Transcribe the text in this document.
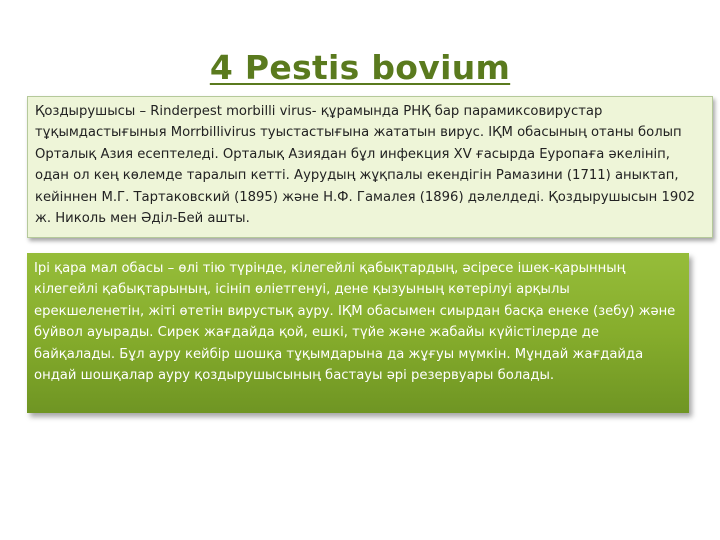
4 Pestis bovium
Қоздырушысы – Rinderpest morbilli virus- құрамында РНҚ бар парамиксовирустар тұқымдастығыныя Morrbillivirus туыстастығына жататын вирус. ІҚМ обасының отаны болып Орталық Азия есептеледі. Орталық Азиядан бұл инфекция XV ғасырда Еуропаға әкелініп, одан ол кең көлемде таралып кетті. Аурудың жұқпалы екендігін Рамазини (1711) аныктап, кейіннен М.Г. Тартаковский (1895) және Н.Ф. Гамалея (1896) дәлелдеді. Қоздырушысын 1902 ж. Николь мен Әділ-Бей ашты.
Ірі қара мал обасы – өлі тію түрінде, кілегейлі қабықтардың, әсіресе ішек-қарынның кілегейлі қабықтарының, ісініп өліетгенуі, дене қызуының көтерілуі арқылы ерекшеленетін, жіті өтетін вирустық ауру. ІҚМ обасымен сиырдан басқа енеке (зебу) және буйвол ауырады. Сирек жағдайда қой, ешкі, түйе және жабайы күйістілерде де байқалады. Бұл ауру кейбір шошқа тұқымдарына да жұғуы мүмкін. Мұндай жағдайда ондай шошқалар ауру қоздырушысының бастауы әрі резервуары болады.
